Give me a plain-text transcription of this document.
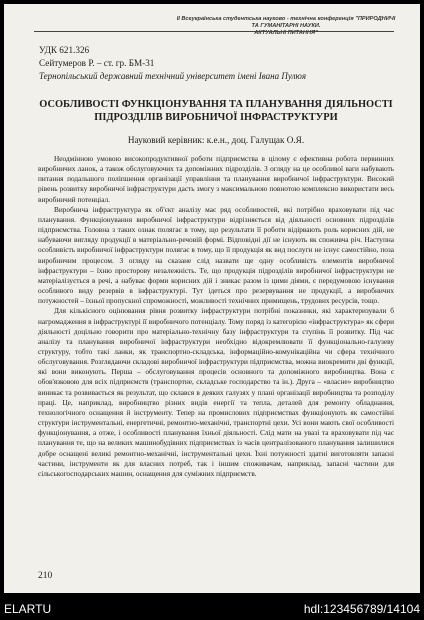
ІІ Всеукраїнська студентська науково - технічна конференція "ПРИРОДНИЧІ ТА ГУМАНІТАРНІ НАУКИ.
АКТУАЛЬНІ ПИТАННЯ"
УДК 621.326
Сейтумеров Р. – ст. гр. БМ-31
Тернопільський державний технічний університет імені Івана Пулюя
ОСОБЛИВОСТІ ФУНКЦІОНУВАННЯ ТА ПЛАНУВАННЯ ДІЯЛЬНОСТІ ПІДРОЗДІЛІВ ВИРОБНИЧОЇ ІНФРАСТРУКТУРИ
Науковий керівник: к.е.н., доц. Галущак О.Я.

Неодмінною умовою високопродуктивної роботи підприємства в цілому є ефективна робота первинних виробничих ланок, а також обслуговуючих та допоміжних підрозділів. З огляду на це особливої ваги набувають питання подальшого поліпшення організації управління та планування виробничої інфраструктури. Високий рівень розвитку виробничої інфраструктури дасть змогу з максимальною повнотою комплексно використати весь виробничий потенціал.

Виробнича інфраструктура як об'єкт аналізу має ряд особливостей, які потрібно враховувати під час планування. Функціонування виробничої інфраструктури відрізняється від діяльності основних підрозділів підприємства. Головна з таких ознак полягає в тому, що результати її роботи відірвають роль корисних дій, не набуваючи вигляду продукції в матеріально-речовій формі. Відповідні дії не існують як споживча річ. Наступна особливість виробничої інфраструктури полягає в тому, що її продукція як вид послуги не існує самостійно, поза виробничим процесом. З огляду на сказане слід назвати ще одну особливість елементів виробничої інфраструктури – їхню просторову незалежність. Те, що продукція підрозділів виробничої інфраструктури не матеріалізується в речі, а набуває форми корисних дій і зникає разом із цими діями, є передумовою існування особливого виду резервів в інфраструктурі. Тут ідеться про резервування не продукції, а виробничих потужностей – їхньої пропускної спроможності, можливості технічних примищень, трудових ресурсів, тощо.

Для кількісного оцінювання рівня розвитку інфраструктури потрібні показники, які характеризували б нагромадження в інфраструктурі її виробничого потенціалу. Тому поряд із категорією «інфраструктура» як сфери діяльності доцільно говорити про матеріально-технічну базу інфраструктури та ступінь її розвитку. Під час аналізу та планування виробничої інфраструктури необхідно відокремлювати її функціонально-галузеву структуру, тобто такі ланки, як транспортно-складська, інформаційно-комунікаційна чи сфера технічного обслуговування. Розглядаючи складові виробничої інфраструктури підприємства, можна виокремити дві функції, які вони виконують. Перша – обслуговування процесів основного та допоміжного виробництва. Вона є обов'язковою для всіх підприємств (транспортне, складське господарство та ін.). Друга – «власне» виробництво виникає та розвивається як результат, що склався в деяких галузях у плані організації виробництва та розподілу праці. Це, наприклад, виробництво різних видів енергії та тепла, деталей для ремонту обладнання, технологічного оснащення й інструменту. Тепер на промислових підприємствах функціонують як самостійні структури інструментальні, енергетичні, ремонтно-механічні, транспортні цехи. Усі вони мають свої особливості функціонування, а отже, і особливості планування їхньої діяльності. Слід мати на увазі та враховувати під час планування те, що на великих машинобудівних підприємствах із часів централізованого планування залишилися добре оснащені великі ремонтно-механічні, інструментальні цехи. Їхні потужності здатні виготовляти запасні частини, інструменти як для власних потреб, так і іншим споживачам, наприклад, запасні частини для сільськогосподарських машин, оснащення для суміжних підприємств.

210
ELARTU	hdl:123456789/14104
